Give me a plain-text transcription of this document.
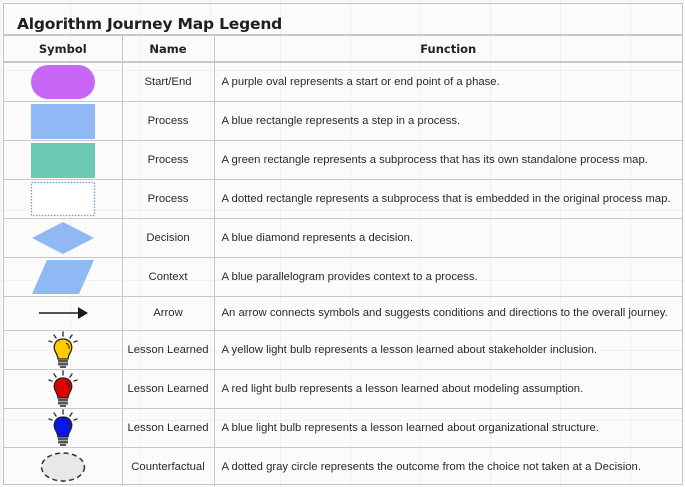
Algorithm Journey Map Legend
Symbol	Name	Function

	Start/End	A purple oval represents a start or end point of a phase.

	Process	A blue rectangle represents a step in a process.

	Process	A green rectangle represents a subprocess that has its own standalone process map.

	Process	A dotted rectangle represents a subprocess that is embedded in the original process map.

	Decision	A blue diamond represents a decision.

	Context	A blue parallelogram provides context to a process.

	Arrow	An arrow connects symbols and suggests conditions and directions to the overall journey.

	Lesson Learned	A yellow light bulb represents a lesson learned about stakeholder inclusion.

	Lesson Learned	A red light bulb represents a lesson learned about modeling assumption.

	Lesson Learned	A blue light bulb represents a lesson learned about organizational structure.

	Counterfactual	A dotted gray circle represents the outcome from the choice not taken at a Decision.
